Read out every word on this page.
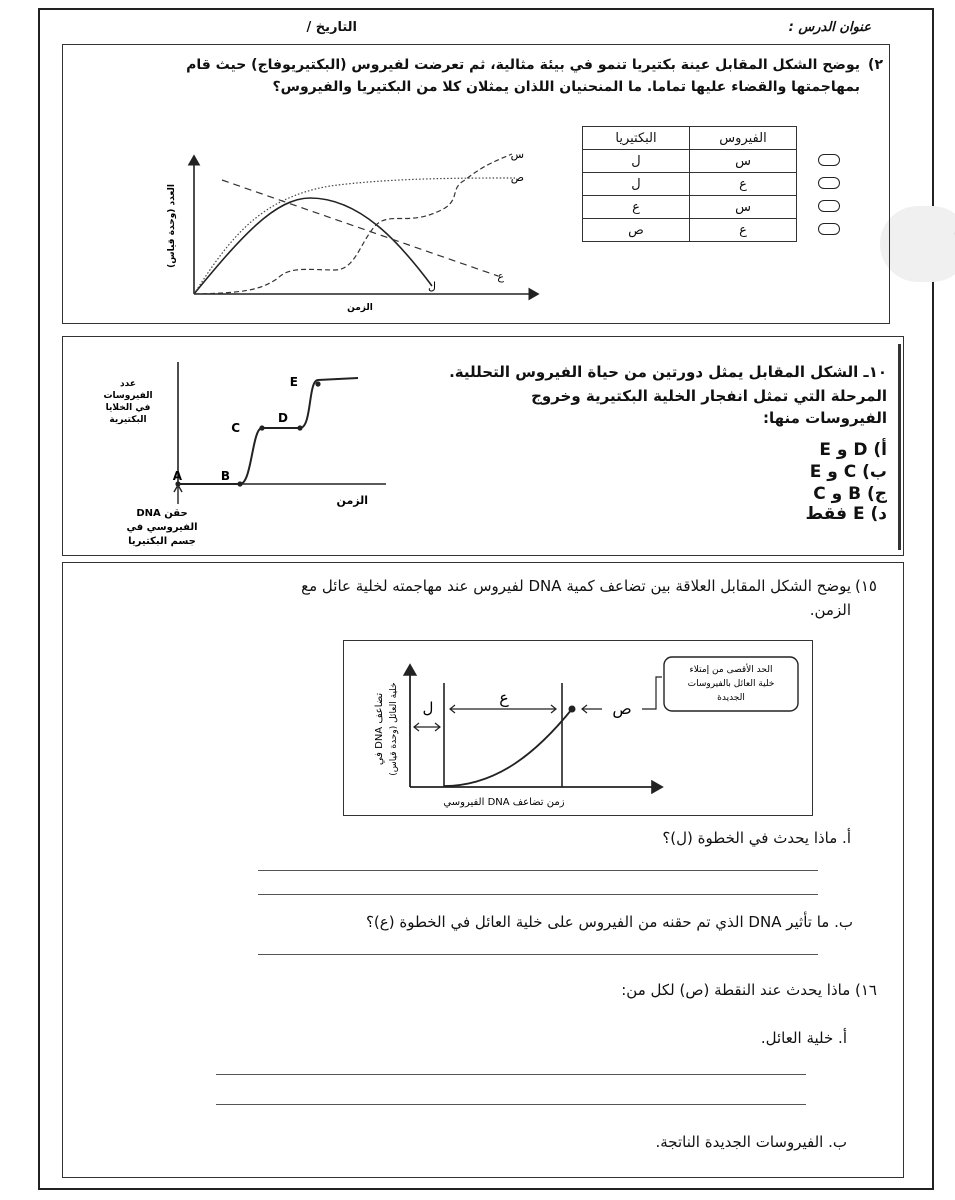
عنوان الدرس :
التاريخ /
٢)
يوضح الشكل المقابل عينة بكتيريا تنمو في بيئة مثالية، ثم تعرضت لفيروس (البكتيريوفاج) حيث قام بمهاجمتها والقضاء عليها تماما. ما المنحنيان اللذان يمثلان كلا من البكتيريا والفيروس؟
الفيروس	البكتيريا
س	ل
ع	ل
س	ع
ع	ص
س
ص
ع
ل
الزمن
العدد (وحدة قياس)
١٠ـ الشكل المقابل يمثل دورتين من حياة الفيروس التحللية.
المرحلة التي تمثل انفجار الخلية البكتيرية وخروج
الفيروسات منها:
أ) D و E
ب) C و E
ج) B و C
د) E فقط
A	B
C
D
E
الزمن
عدد
الفيروسات
في الخلايا
البكتيرية
حقن DNA
الفيروسي في
جسم البكتيريا
١٥)
يوضح الشكل المقابل العلاقة بين تضاعف كمية DNA لفيروس عند مهاجمته لخلية عائل مع الزمن.
ل
ع
ص
الحد الأقصى من إمتلاء
خلية العائل بالفيروسات
الجديدة
تضاعف DNA في خلية العائل (وحدة قياس)
زمن تضاعف DNA الفيروسي
أ. ماذا يحدث في الخطوة (ل)؟
ب. ما تأثير DNA الذي تم حقنه من الفيروس على خلية العائل في الخطوة (ع)؟
١٦) ماذا يحدث عند النقطة (ص) لكل من:
أ. خلية العائل.
ب. الفيروسات الجديدة الناتجة.
